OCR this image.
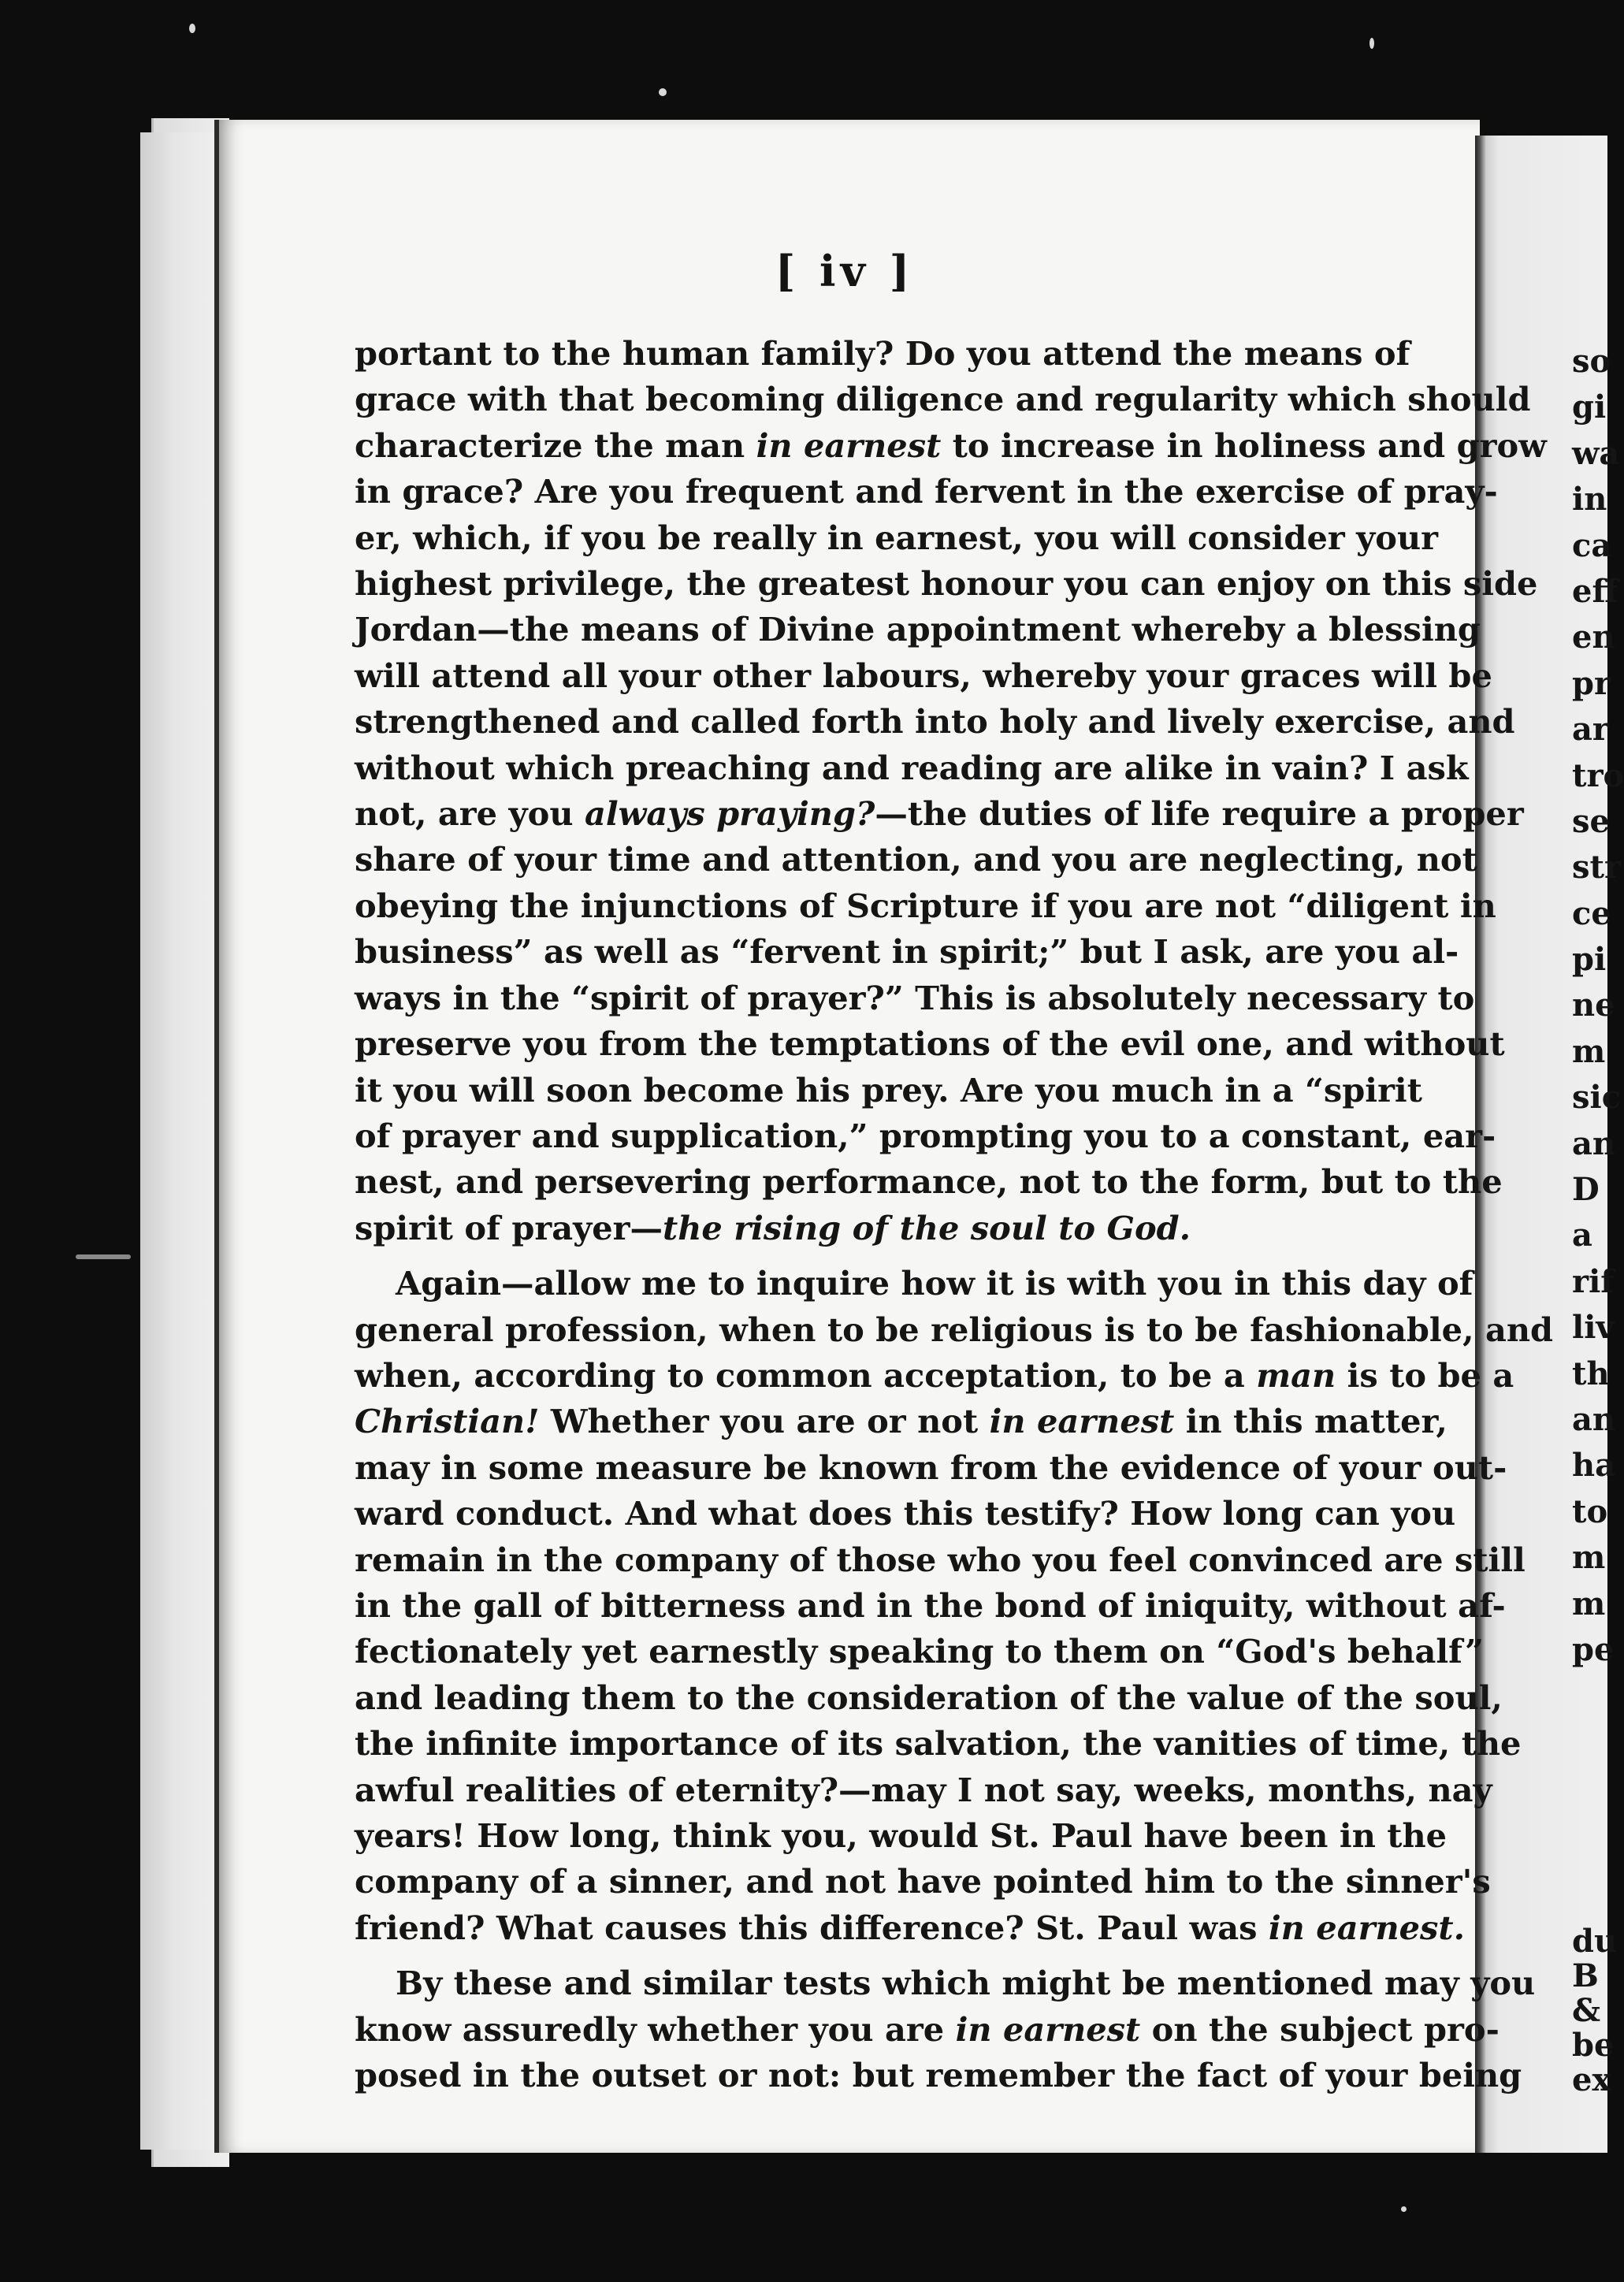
[ iv ]
portant to the human family? Do you attend the means of
grace with that becoming diligence and regularity which should
characterize the man in earnest to increase in holiness and grow
in grace? Are you frequent and fervent in the exercise of pray-
er, which, if you be really in earnest, you will consider your
highest privilege, the greatest honour you can enjoy on this side
Jordan—the means of Divine appointment whereby a blessing
will attend all your other labours, whereby your graces will be
strengthened and called forth into holy and lively exercise, and
without which preaching and reading are alike in vain? I ask
not, are you always praying?—the duties of life require a proper
share of your time and attention, and you are neglecting, not
obeying the injunctions of Scripture if you are not “diligent in
business” as well as “fervent in spirit;” but I ask, are you al-
ways in the “spirit of prayer?” This is absolutely necessary to
preserve you from the temptations of the evil one, and without
it you will soon become his prey. Are you much in a “spirit
of prayer and supplication,” prompting you to a constant, ear-
nest, and persevering performance, not to the form, but to the
spirit of prayer—the rising of the soul to God.
Again—allow me to inquire how it is with you in this day of
general profession, when to be religious is to be fashionable, and
when, according to common acceptation, to be a man is to be a
Christian! Whether you are or not in earnest in this matter,
may in some measure be known from the evidence of your out-
ward conduct. And what does this testify? How long can you
remain in the company of those who you feel convinced are still
in the gall of bitterness and in the bond of iniquity, without af-
fectionately yet earnestly speaking to them on “God's behalf”
and leading them to the consideration of the value of the soul,
the infinite importance of its salvation, the vanities of time, the
awful realities of eternity?—may I not say, weeks, months, nay
years! How long, think you, would St. Paul have been in the
company of a sinner, and not have pointed him to the sinner's
friend? What causes this difference? St. Paul was in earnest.
By these and similar tests which might be mentioned may you
know assuredly whether you are in earnest on the subject pro-
posed in the outset or not: but remember the fact of your being
so
gi
wa
in
ca
eff
en
pr
ar
tro
se
str
ce
pi
ne
m
sic
an
D
a
rif
liv
th
an
ha
to
m
m
pe
du
B
&
be
ex
